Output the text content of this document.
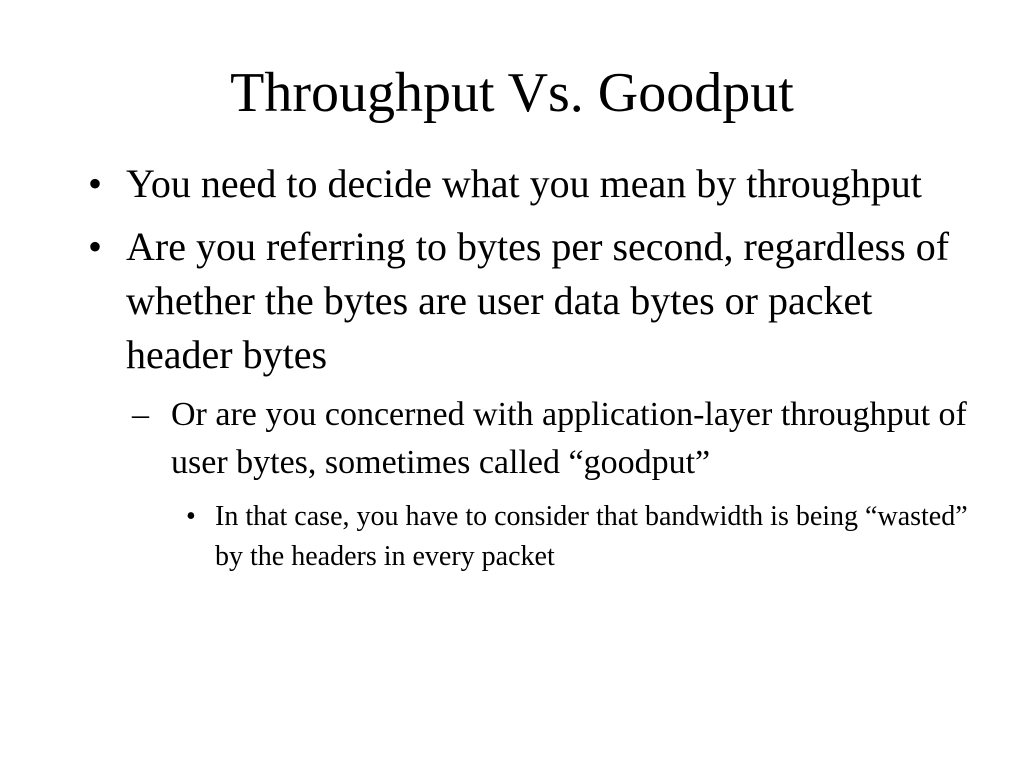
Throughput Vs. Goodput
• You need to decide what you mean by throughput
• Are you referring to bytes per second, regardless of whether the bytes are user data bytes or packet header bytes
– Or are you concerned with application-layer throughput of user bytes, sometimes called “goodput”
• In that case, you have to consider that bandwidth is being “wasted” by the headers in every packet
